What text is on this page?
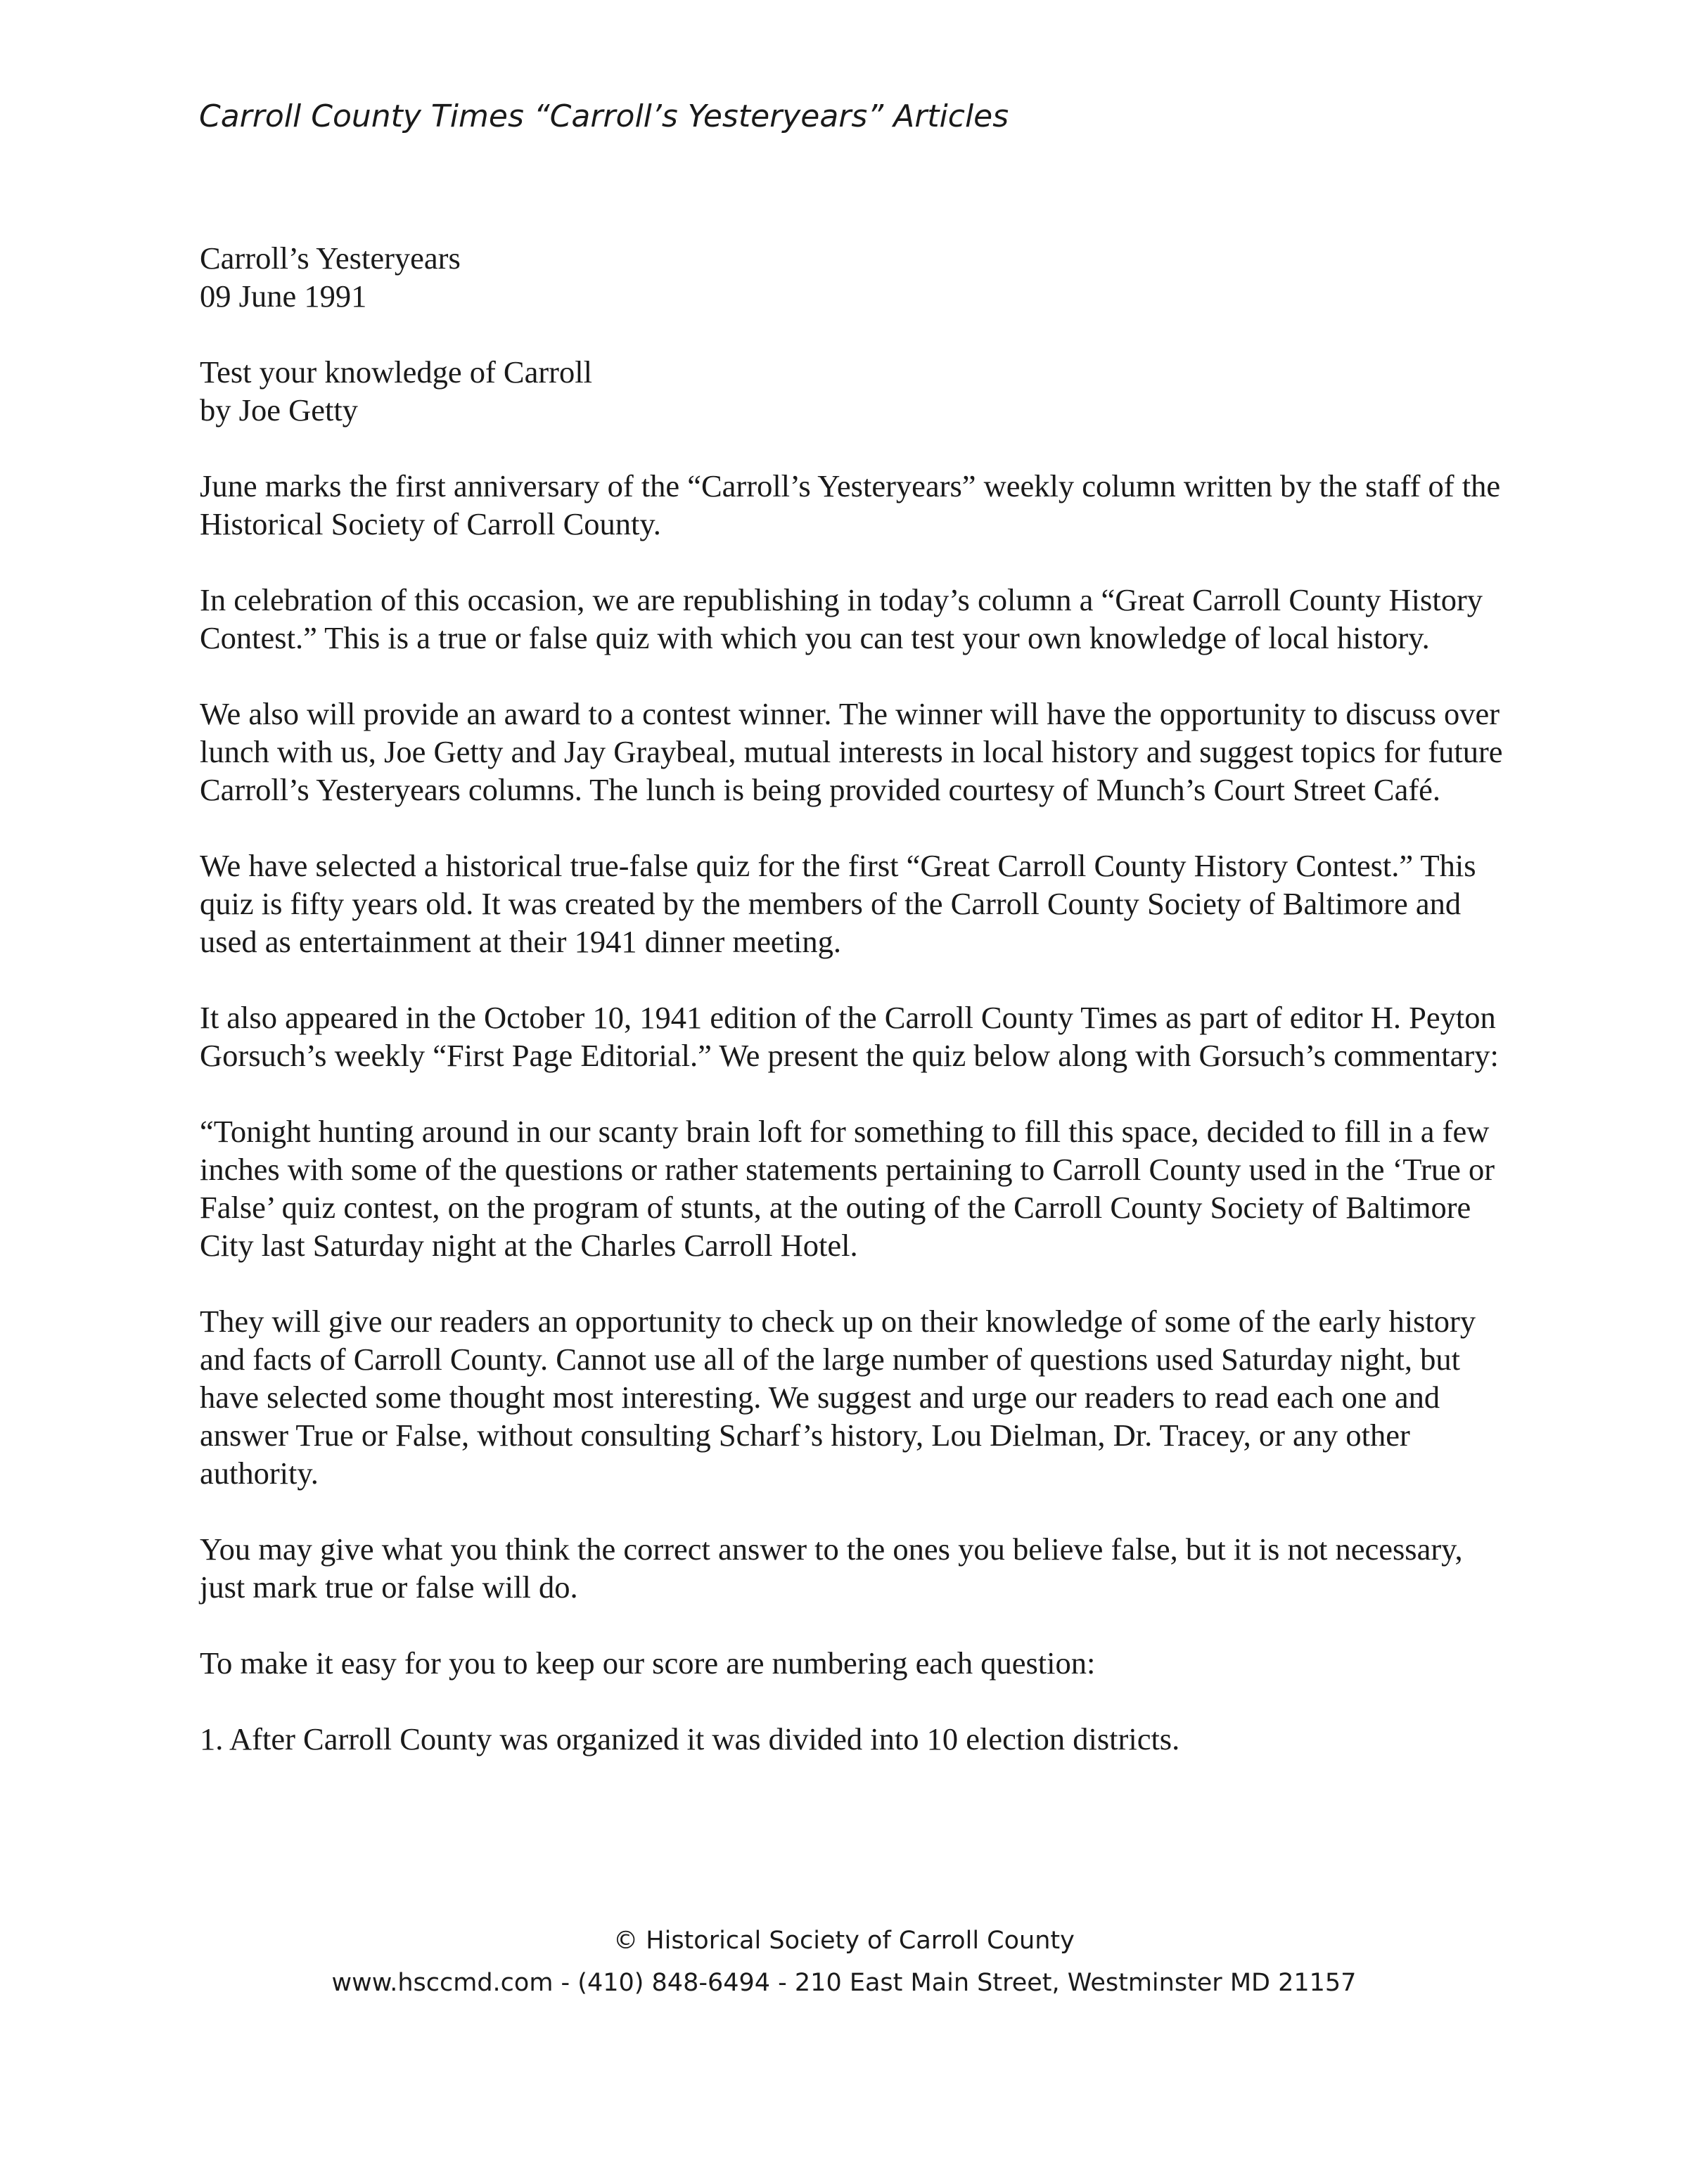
Carroll County Times “Carroll’s Yesteryears” Articles

Carroll’s Yesteryears
09 June 1991

Test your knowledge of Carroll
by Joe Getty

June marks the first anniversary of the “Carroll’s Yesteryears” weekly column written by the staff of the Historical Society of Carroll County.

In celebration of this occasion, we are republishing in today’s column a “Great Carroll County History Contest.” This is a true or false quiz with which you can test your own knowledge of local history.

We also will provide an award to a contest winner. The winner will have the opportunity to discuss over lunch with us, Joe Getty and Jay Graybeal, mutual interests in local history and suggest topics for future Carroll’s Yesteryears columns. The lunch is being provided courtesy of Munch’s Court Street Café.

We have selected a historical true-false quiz for the first “Great Carroll County History Contest.” This quiz is fifty years old. It was created by the members of the Carroll County Society of Baltimore and used as entertainment at their 1941 dinner meeting.

It also appeared in the October 10, 1941 edition of the Carroll County Times as part of editor H. Peyton Gorsuch’s weekly “First Page Editorial.” We present the quiz below along with Gorsuch’s commentary:

“Tonight hunting around in our scanty brain loft for something to fill this space, decided to fill in a few inches with some of the questions or rather statements pertaining to Carroll County used in the ‘True or False’ quiz contest, on the program of stunts, at the outing of the Carroll County Society of Baltimore City last Saturday night at the Charles Carroll Hotel.

They will give our readers an opportunity to check up on their knowledge of some of the early history and facts of Carroll County. Cannot use all of the large number of questions used Saturday night, but have selected some thought most interesting. We suggest and urge our readers to read each one and answer True or False, without consulting Scharf’s history, Lou Dielman, Dr. Tracey, or any other authority.

You may give what you think the correct answer to the ones you believe false, but it is not necessary, just mark true or false will do.

To make it easy for you to keep our score are numbering each question:

1. After Carroll County was organized it was divided into 10 election districts.

© Historical Society of Carroll County
www.hsccmd.com - (410) 848-6494 - 210 East Main Street, Westminster MD 21157
